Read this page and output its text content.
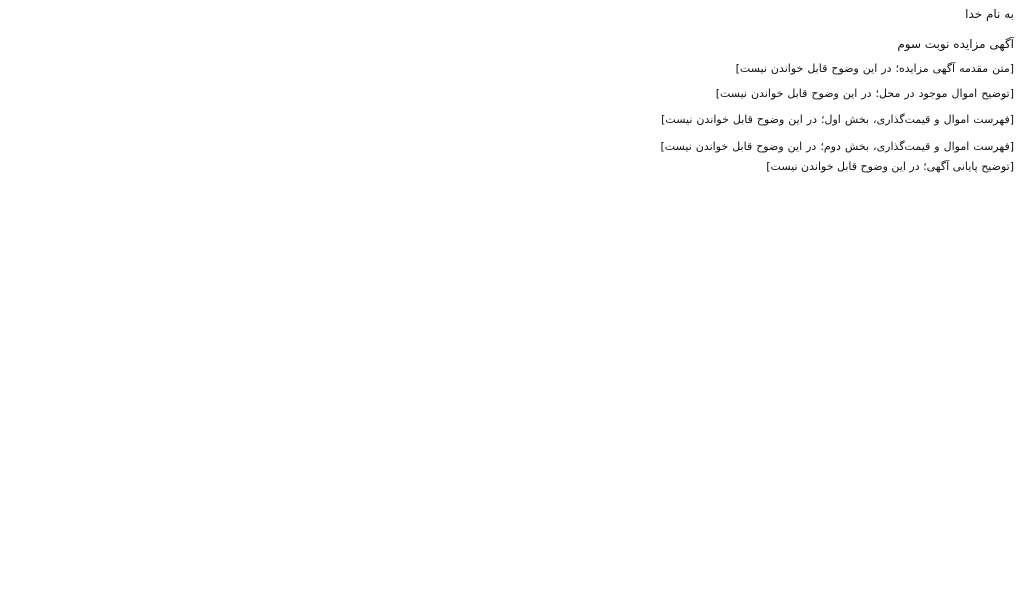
به نام خدا
آگهی مزایده نوبت سوم

[متن مقدمه آگهی مزایده؛ در این وضوح قابل خواندن نیست]

[توضیح اموال موجود در محل؛ در این وضوح قابل خواندن نیست]

[فهرست اموال و قیمت‌گذاری، بخش اول؛ در این وضوح قابل خواندن نیست]

[فهرست اموال و قیمت‌گذاری، بخش دوم؛ در این وضوح قابل خواندن نیست]

[توضیح پایانی آگهی؛ در این وضوح قابل خواندن نیست]
